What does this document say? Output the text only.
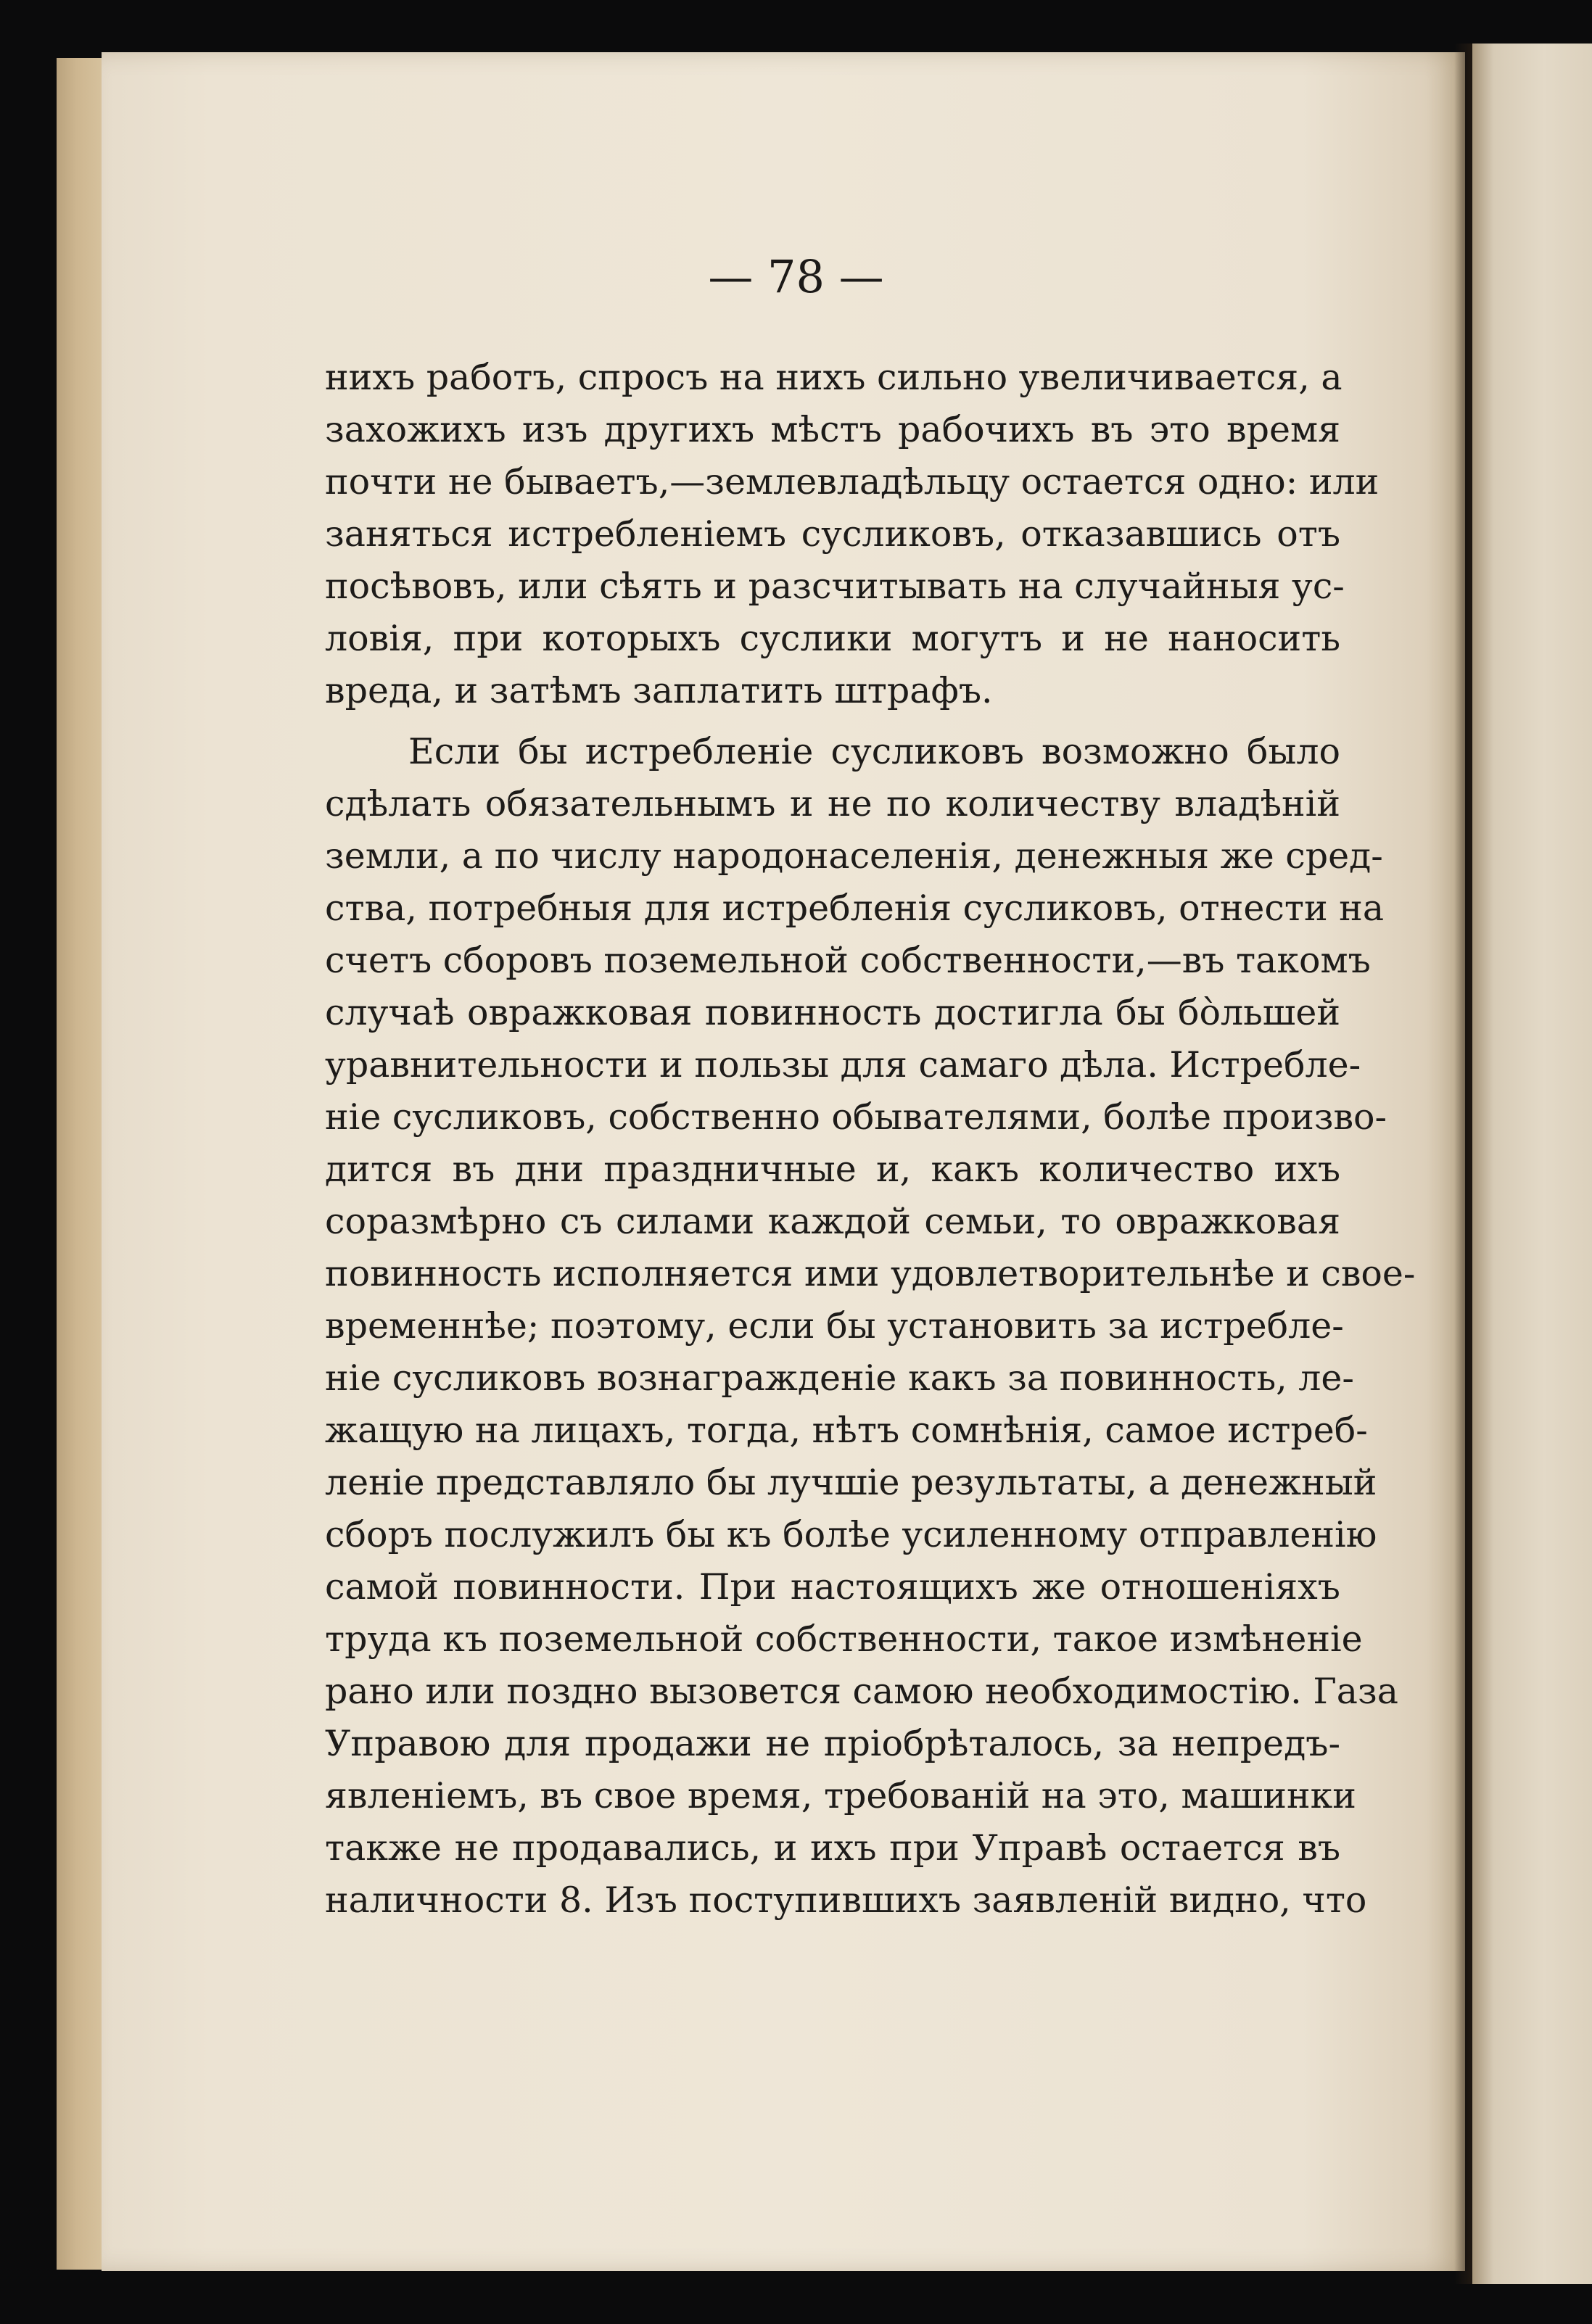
— 78 —
нихъ работъ, спросъ на нихъ сильно увеличивается, а
захожихъ изъ другихъ мѣстъ рабочихъ въ это время
почти не бываетъ,—землевладѣльцу остается одно: или
заняться истребленіемъ сусликовъ, отказавшись отъ
посѣвовъ, или сѣять и разсчитывать на случайныя ус-
ловія, при которыхъ суслики могутъ и не наносить
вреда, и затѣмъ заплатить штрафъ.
Если бы истребленіе сусликовъ возможно было
сдѣлать обязательнымъ и не по количеству владѣній
земли, а по числу народонаселенія, денежныя же сред-
ства, потребныя для истребленія сусликовъ, отнести на
счетъ сборовъ поземельной собственности,—въ такомъ
случаѣ овражковая повинность достигла бы бо̀льшей
уравнительности и пользы для самаго дѣла. Истребле-
ніе сусликовъ, собственно обывателями, болѣе произво-
дится въ дни праздничные и, какъ количество ихъ
соразмѣрно съ силами каждой семьи, то овражковая
повинность исполняется ими удовлетворительнѣе и свое-
временнѣе; поэтому, если бы установить за истребле-
ніе сусликовъ вознагражденіе какъ за повинность, ле-
жащую на лицахъ, тогда, нѣтъ сомнѣнія, самое истреб-
леніе представляло бы лучшіе результаты, а денежный
сборъ послужилъ бы къ болѣе усиленному отправленію
самой повинности. При настоящихъ же отношеніяхъ
труда къ поземельной собственности, такое измѣненіе
рано или поздно вызовется самою необходимостію. Газа
Управою для продажи не пріобрѣталось, за непредъ-
явленіемъ, въ свое время, требованій на это, машинки
также не продавались, и ихъ при Управѣ остается въ
наличности 8. Изъ поступившихъ заявленій видно, что
